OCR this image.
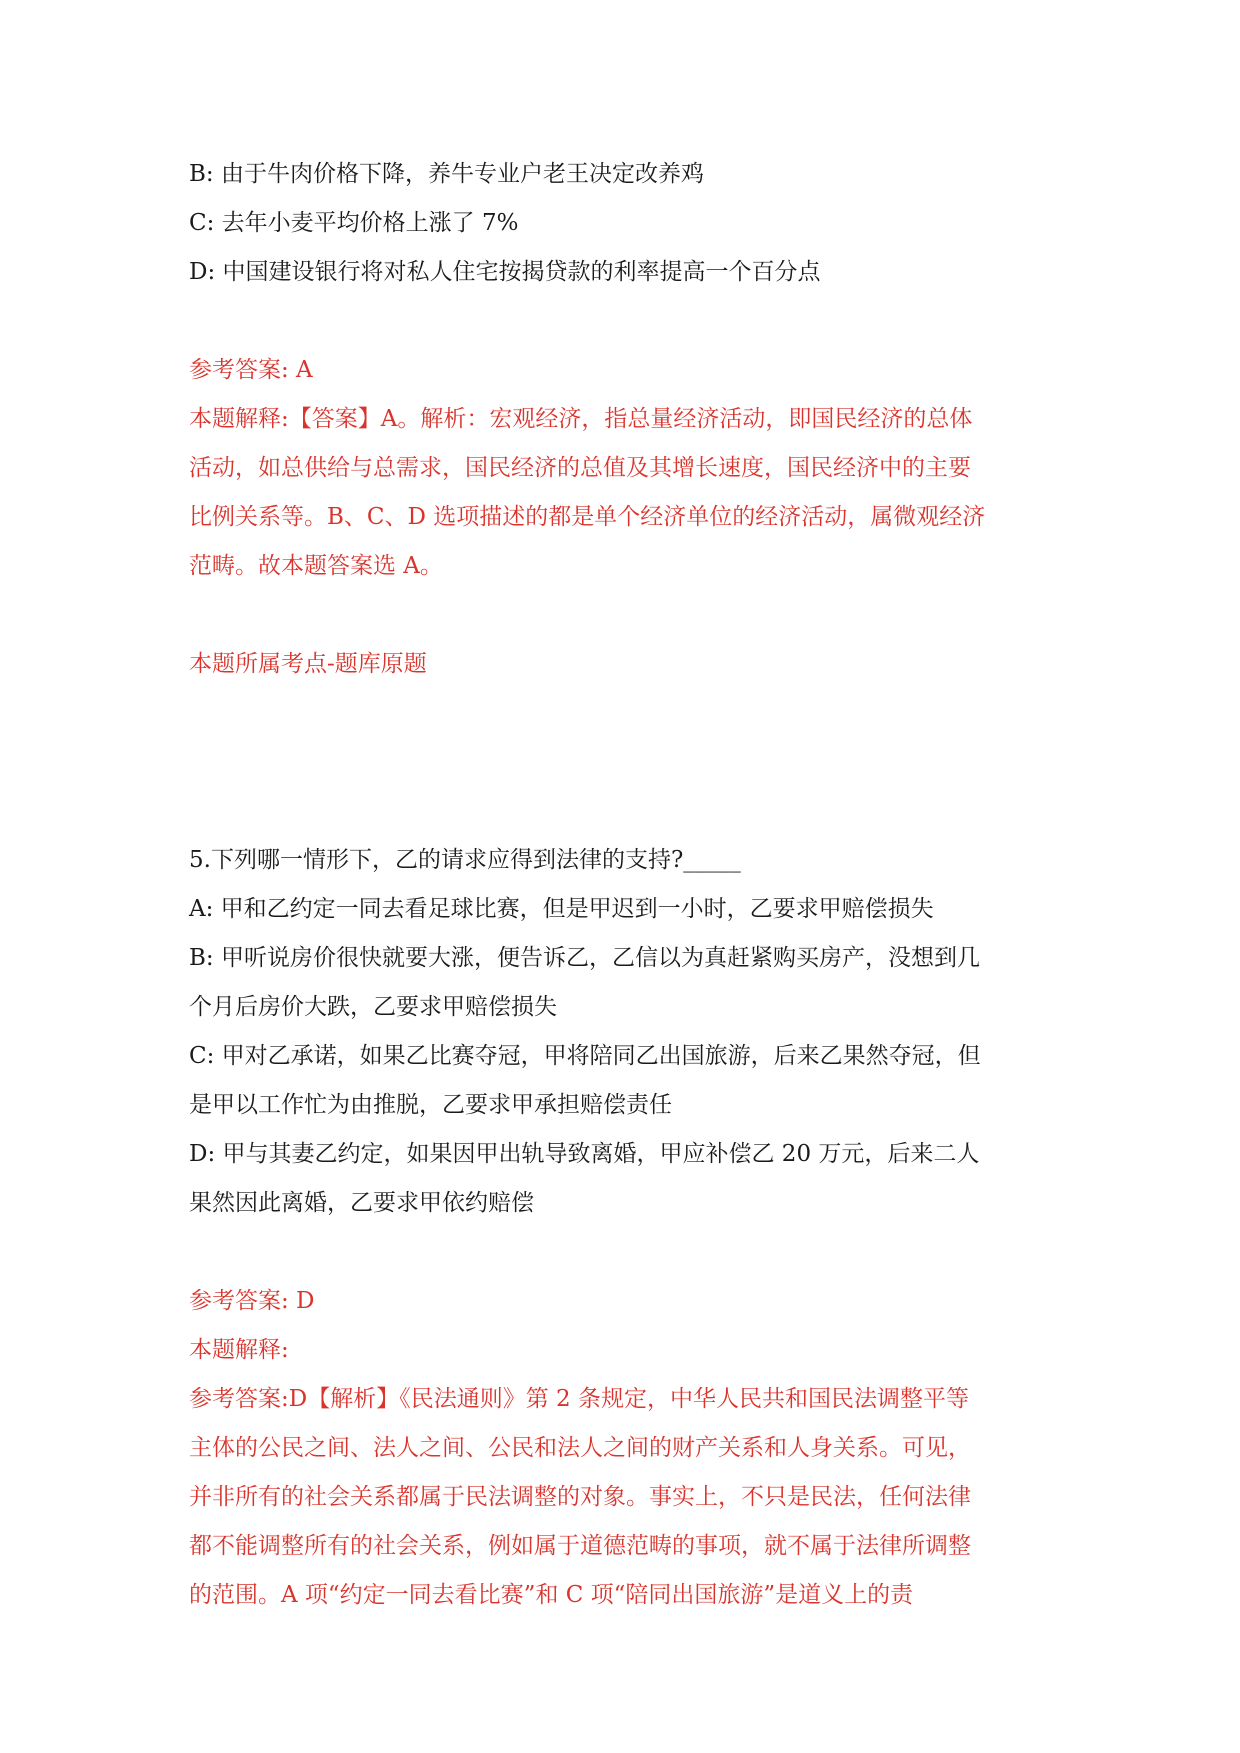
B: 由于牛肉价格下降，养牛专业户老王决定改养鸡

C: 去年小麦平均价格上涨了 7%

D: 中国建设银行将对私人住宅按揭贷款的利率提高一个百分点

参考答案: A

本题解释:【答案】A。解析：宏观经济，指总量经济活动，即国民经济的总体

活动，如总供给与总需求，国民经济的总值及其增长速度，国民经济中的主要

比例关系等。B、C、D 选项描述的都是单个经济单位的经济活动，属微观经济

范畴。故本题答案选 A。

本题所属考点-题库原题

5.下列哪一情形下，乙的请求应得到法律的支持?_____

A: 甲和乙约定一同去看足球比赛，但是甲迟到一小时，乙要求甲赔偿损失

B: 甲听说房价很快就要大涨，便告诉乙，乙信以为真赶紧购买房产，没想到几

个月后房价大跌，乙要求甲赔偿损失

C: 甲对乙承诺，如果乙比赛夺冠，甲将陪同乙出国旅游，后来乙果然夺冠，但

是甲以工作忙为由推脱，乙要求甲承担赔偿责任

D: 甲与其妻乙约定，如果因甲出轨导致离婚，甲应补偿乙 20 万元，后来二人

果然因此离婚，乙要求甲依约赔偿

参考答案: D

本题解释:

参考答案:D【解析】《民法通则》第 2 条规定，中华人民共和国民法调整平等

主体的公民之间、法人之间、公民和法人之间的财产关系和人身关系。可见，

并非所有的社会关系都属于民法调整的对象。事实上，不只是民法，任何法律

都不能调整所有的社会关系，例如属于道德范畴的事项，就不属于法律所调整

的范围。A 项“约定一同去看比赛”和 C 项“陪同出国旅游”是道义上的责
